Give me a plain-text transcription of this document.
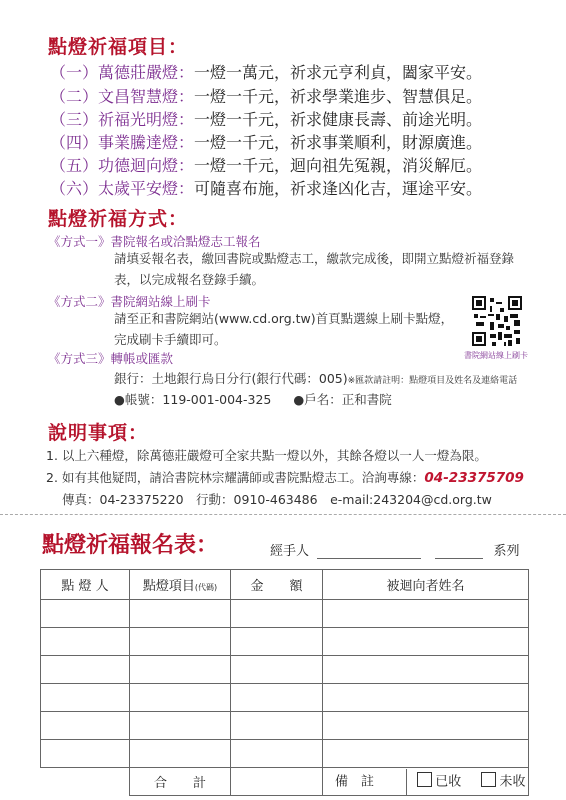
點燈祈福項目：
（一）萬德莊嚴燈：一燈一萬元，祈求元亨利貞，闔家平安。
（二）文昌智慧燈：一燈一千元，祈求學業進步、智慧俱足。
（三）祈福光明燈：一燈一千元，祈求健康長壽、前途光明。
（四）事業騰達燈：一燈一千元，祈求事業順利，財源廣進。
（五）功德迴向燈：一燈一千元，迴向祖先冤親，消災解厄。
（六）太歲平安燈：可隨喜布施，祈求逢凶化吉，運途平安。
點燈祈福方式：
《方式一》書院報名或洽點燈志工報名
請填妥報名表，繳回書院或點燈志工，繳款完成後，即開立點燈祈福登錄表，以完成報名登錄手續。
《方式二》書院網站線上刷卡
請至正和書院網站(www.cd.org.tw)首頁點選線上刷卡點燈，
完成刷卡手續即可。
書院網站線上刷卡
《方式三》轉帳或匯款
銀行：土地銀行烏日分行(銀行代碼：005)※匯款請註明：點燈項目及姓名及連絡電話
●帳號：119-001-004-325 ●戶名：正和書院
說明事項：
1. 以上六種燈，除萬德莊嚴燈可全家共點一燈以外，其餘各燈以一人一燈為限。
2. 如有其他疑問，請洽書院林宗耀講師或書院點燈志工。洽詢專線：04-23375709
傳真：04-23375220　行動：0910-463486　e-mail:243204@cd.org.tw
點燈祈福報名表：	經手人	系列
點 燈 人	點燈項目(代碼)	金　　額	被迴向者姓名

	合　　計		備　註 已收 未收
